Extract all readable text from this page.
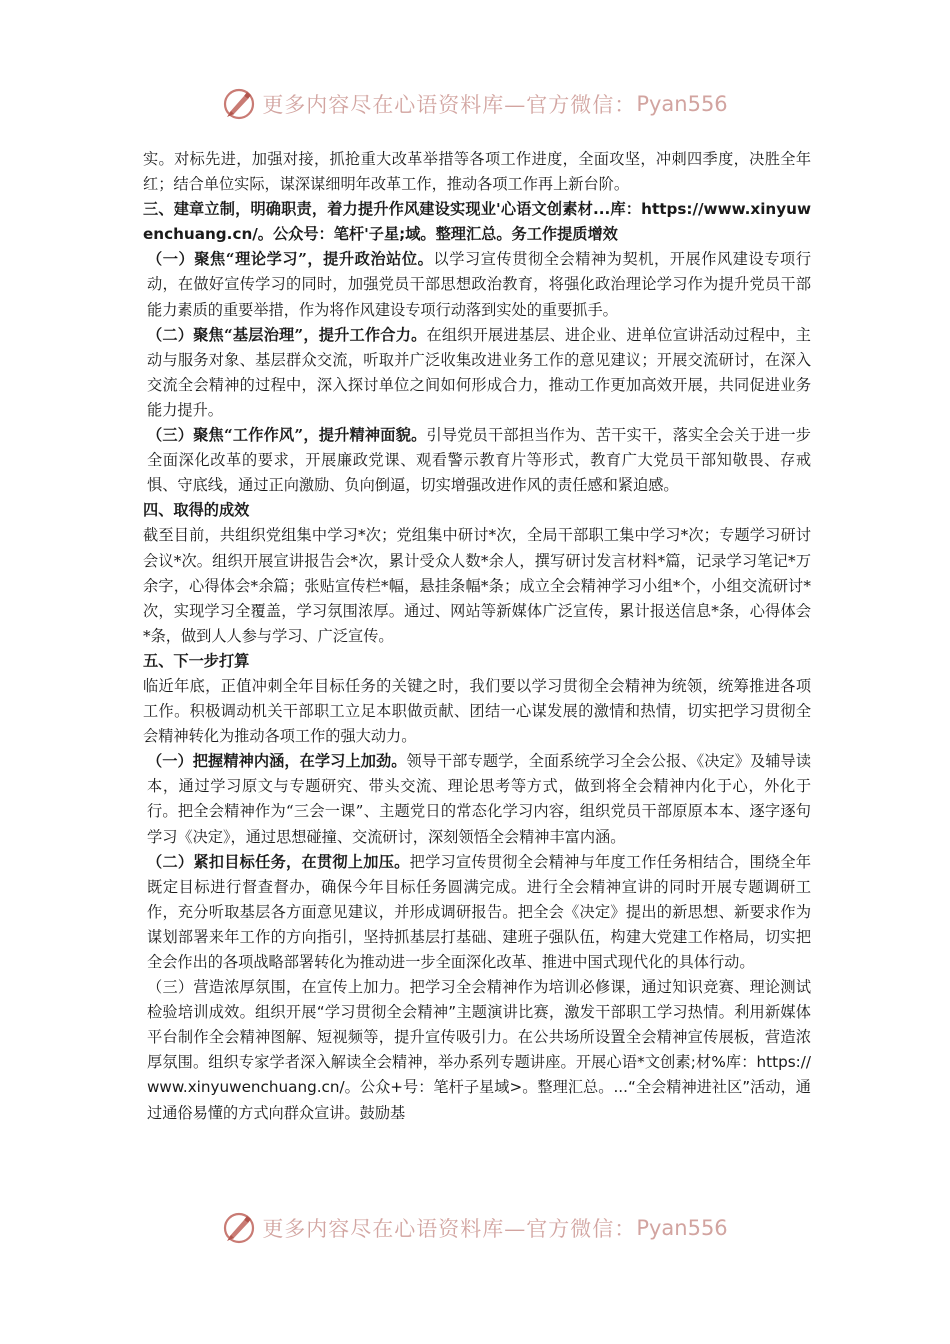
更多内容尽在心语资料库—官方微信： Pyan556

实。对标先进，加强对接，抓抢重大改革举措等各项工作进度，全面攻坚，冲刺四季度，决胜全年红；结合单位实际，谋深谋细明年改革工作，推动各项工作再上新台阶。

三、建章立制，明确职责，着力提升作风建设实现业'心语文创素材...库：https://www.xinyuwenchuang.cn/。公众号：笔杆'子星;域。整理汇总。务工作提质增效

（一）聚焦“理论学习”，提升政治站位。以学习宣传贯彻全会精神为契机，开展作风建设专项行动，在做好宣传学习的同时，加强党员干部思想政治教育，将强化政治理论学习作为提升党员干部能力素质的重要举措，作为将作风建设专项行动落到实处的重要抓手。

（二）聚焦“基层治理”，提升工作合力。在组织开展进基层、进企业、进单位宣讲活动过程中，主动与服务对象、基层群众交流，听取并广泛收集改进业务工作的意见建议；开展交流研讨，在深入交流全会精神的过程中，深入探讨单位之间如何形成合力，推动工作更加高效开展，共同促进业务能力提升。

（三）聚焦“工作作风”，提升精神面貌。引导党员干部担当作为、苦干实干，落实全会关于进一步全面深化改革的要求，开展廉政党课、观看警示教育片等形式，教育广大党员干部知敬畏、存戒惧、守底线，通过正向激励、负向倒逼，切实增强改进作风的责任感和紧迫感。

四、取得的成效

截至目前，共组织党组集中学习*次；党组集中研讨*次，全局干部职工集中学习*次；专题学习研讨会议*次。组织开展宣讲报告会*次，累计受众人数*余人，撰写研讨发言材料*篇，记录学习笔记*万余字，心得体会*余篇；张贴宣传栏*幅，悬挂条幅*条；成立全会精神学习小组*个，小组交流研讨*次，实现学习全覆盖，学习氛围浓厚。通过、网站等新媒体广泛宣传，累计报送信息*条，心得体会*条，做到人人参与学习、广泛宣传。

五、下一步打算

临近年底，正值冲刺全年目标任务的关键之时，我们要以学习贯彻全会精神为统领，统筹推进各项工作。积极调动机关干部职工立足本职做贡献、团结一心谋发展的激情和热情，切实把学习贯彻全会精神转化为推动各项工作的强大动力。

（一）把握精神内涵，在学习上加劲。领导干部专题学，全面系统学习全会公报、《决定》及辅导读本，通过学习原文与专题研究、带头交流、理论思考等方式，做到将全会精神内化于心，外化于行。把全会精神作为“三会一课”、主题党日的常态化学习内容，组织党员干部原原本本、逐字逐句学习《决定》，通过思想碰撞、交流研讨，深刻领悟全会精神丰富内涵。

（二）紧扣目标任务，在贯彻上加压。把学习宣传贯彻全会精神与年度工作任务相结合，围绕全年既定目标进行督查督办，确保今年目标任务圆满完成。进行全会精神宣讲的同时开展专题调研工作，充分听取基层各方面意见建议，并形成调研报告。把全会《决定》提出的新思想、新要求作为谋划部署来年工作的方向指引，坚持抓基层打基础、建班子强队伍，构建大党建工作格局，切实把全会作出的各项战略部署转化为推动进一步全面深化改革、推进中国式现代化的具体行动。

（三）营造浓厚氛围，在宣传上加力。把学习全会精神作为培训必修课，通过知识竞赛、理论测试检验培训成效。组织开展“学习贯彻全会精神”主题演讲比赛，激发干部职工学习热情。利用新媒体平台制作全会精神图解、短视频等，提升宣传吸引力。在公共场所设置全会精神宣传展板，营造浓厚氛围。组织专家学者深入解读全会精神，举办系列专题讲座。开展心语*文创素;材%库：https://www.xinyuwenchuang.cn/。公众+号：笔杆子星域>。整理汇总。...“全会精神进社区”活动，通过通俗易懂的方式向群众宣讲。鼓励基

更多内容尽在心语资料库—官方微信： Pyan556
